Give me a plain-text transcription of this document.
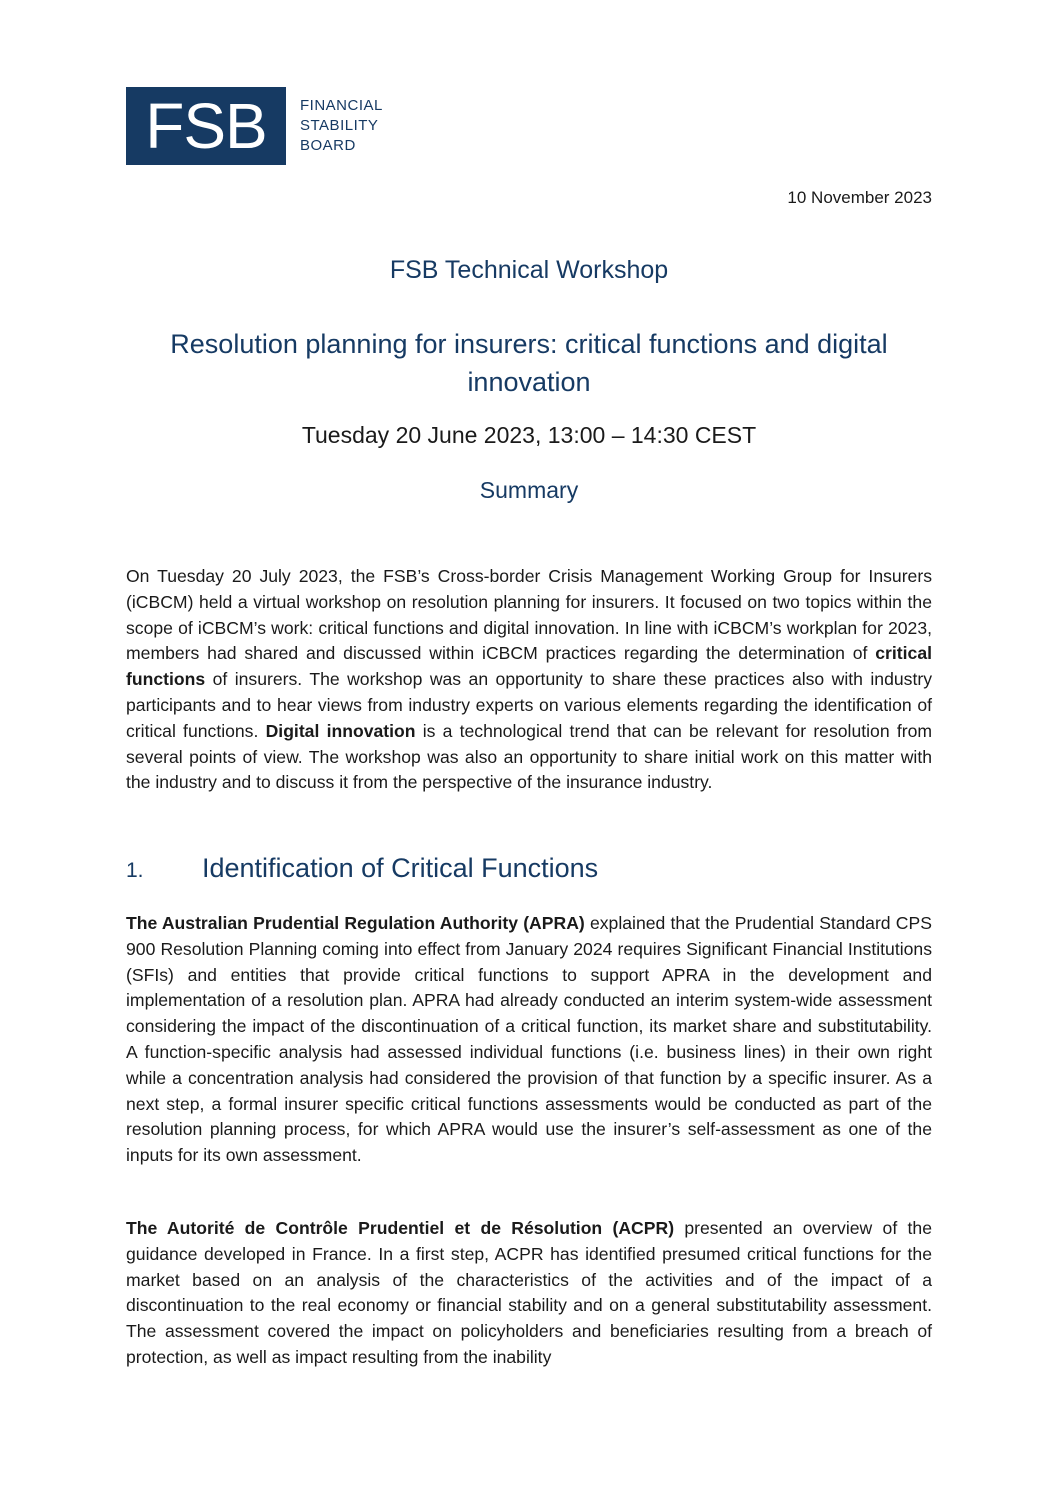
FSB	FINANCIAL
STABILITY
BOARD
10 November 2023
FSB Technical Workshop
Resolution planning for insurers: critical functions and digital innovation
Tuesday 20 June 2023, 13:00 – 14:30 CEST
Summary
On Tuesday 20 July 2023, the FSB’s Cross-border Crisis Management Working Group for Insurers (iCBCM) held a virtual workshop on resolution planning for insurers. It focused on two topics within the scope of iCBCM’s work: critical functions and digital innovation. In line with iCBCM’s workplan for 2023, members had shared and discussed within iCBCM practices regarding the determination of critical functions of insurers. The workshop was an opportunity to share these practices also with industry participants and to hear views from industry experts on various elements regarding the identification of critical functions. Digital innovation is a technological trend that can be relevant for resolution from several points of view. The workshop was also an opportunity to share initial work on this matter with the industry and to discuss it from the perspective of the insurance industry.
1.	Identification of Critical Functions
The Australian Prudential Regulation Authority (APRA) explained that the Prudential Standard CPS 900 Resolution Planning coming into effect from January 2024 requires Significant Financial Institutions (SFIs) and entities that provide critical functions to support APRA in the development and implementation of a resolution plan. APRA had already conducted an interim system-wide assessment considering the impact of the discontinuation of a critical function, its market share and substitutability. A function-specific analysis had assessed individual functions (i.e. business lines) in their own right while a concentration analysis had considered the provision of that function by a specific insurer. As a next step, a formal insurer specific critical functions assessments would be conducted as part of the resolution planning process, for which APRA would use the insurer’s self-assessment as one of the inputs for its own assessment.
The Autorité de Contrôle Prudentiel et de Résolution (ACPR) presented an overview of the guidance developed in France. In a first step, ACPR has identified presumed critical functions for the market based on an analysis of the characteristics of the activities and of the impact of a discontinuation to the real economy or financial stability and on a general substitutability assessment. The assessment covered the impact on policyholders and beneficiaries resulting from a breach of protection, as well as impact resulting from the inability
